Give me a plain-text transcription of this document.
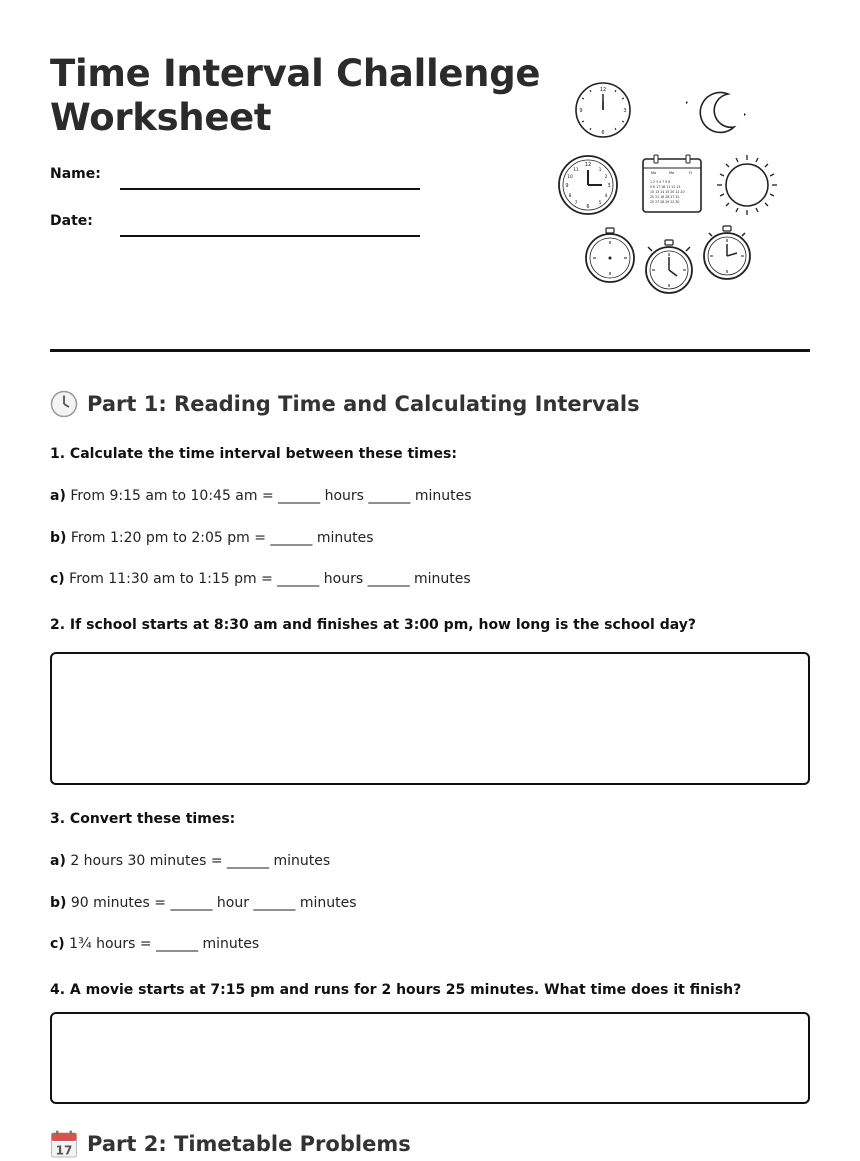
Time Interval Challenge
Worksheet
Name:
Date:
12
3
6
9
12
3
6
9
11
10
1
2
4
5
7
8
Ma	Mo	Fl
1 2 3 4 7 5 6
5 6 17 18 11 12 13
10 13 14 15 20 12 20
20 21 16 26 27 22
25 27 28 29 22 30
Part 1: Reading Time and Calculating Intervals
1. Calculate the time interval between these times:
a) From 9:15 am to 10:45 am = ______ hours ______ minutes
b) From 1:20 pm to 2:05 pm = ______ minutes
c) From 11:30 am to 1:15 pm = ______ hours ______ minutes
2. If school starts at 8:30 am and finishes at 3:00 pm, how long is the school day?
3. Convert these times:
a) 2 hours 30 minutes = ______ minutes
b) 90 minutes = ______ hour ______ minutes
c) 1¾ hours = ______ minutes
4. A movie starts at 7:15 pm and runs for 2 hours 25 minutes. What time does it finish?
17 Part 2: Timetable Problems
